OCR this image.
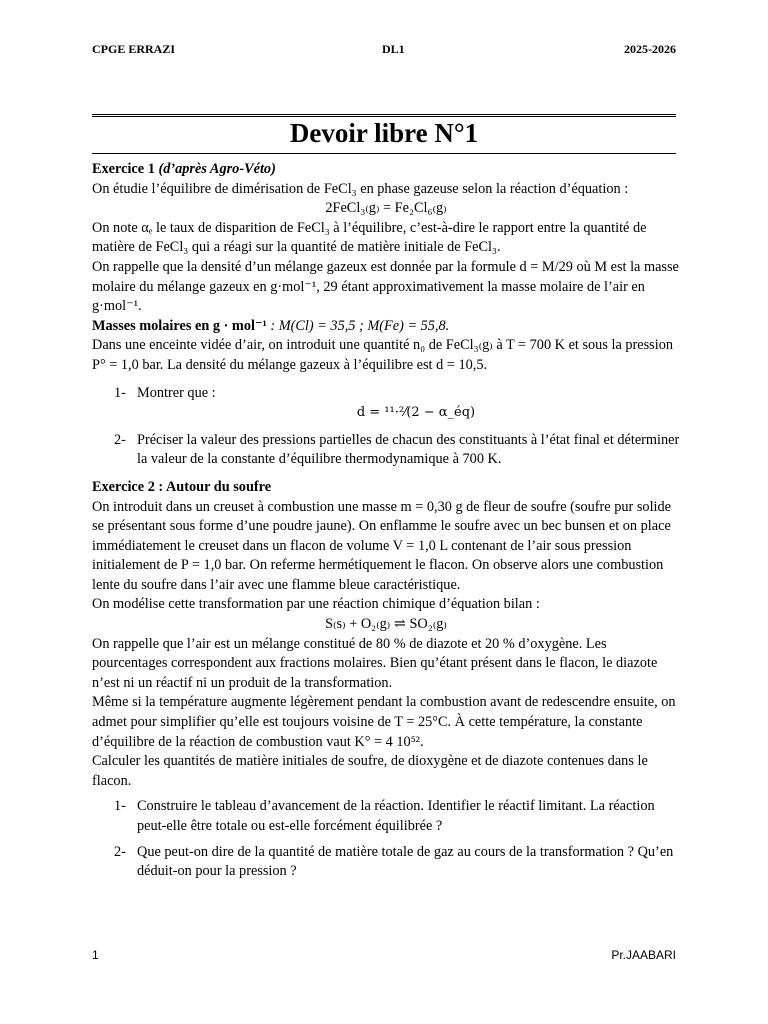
CPGE ERRAZI	DL1	2025-2026
Devoir libre N°1

Exercice 1 (d’après Agro-Véto)

On étudie l’équilibre de dimérisation de FeCl₃ en phase gazeuse selon la réaction d’équation :

2FeCl₃₍g₎ = Fe₂Cl₆₍g₎

On note αₑ le taux de disparition de FeCl₃ à l’équilibre, c’est-à-dire le rapport entre la quantité de matière de FeCl₃ qui a réagi sur la quantité de matière initiale de FeCl₃.

On rappelle que la densité d’un mélange gazeux est donnée par la formule d = M/29 où M est la masse molaire du mélange gazeux en g·mol⁻¹, 29 étant approximativement la masse molaire de l’air en g·mol⁻¹.

Masses molaires en g · mol⁻¹ : M(Cl) = 35,5 ; M(Fe) = 55,8.

Dans une enceinte vidée d’air, on introduit une quantité n₀ de FeCl₃₍g₎ à T = 700 K et sous la pression P° = 1,0 bar. La densité du mélange gazeux à l’équilibre est d = 10,5.

1- Montrer que :

d = ¹¹·²⁄(2 − α_éq)

2- Préciser la valeur des pressions partielles de chacun des constituants à l’état final et déterminer la valeur de la constante d’équilibre thermodynamique à 700 K.

Exercice 2 : Autour du soufre

On introduit dans un creuset à combustion une masse m = 0,30 g de fleur de soufre (soufre pur solide se présentant sous forme d’une poudre jaune). On enflamme le soufre avec un bec bunsen et on place immédiatement le creuset dans un flacon de volume V = 1,0 L contenant de l’air sous pression initialement de P = 1,0 bar. On referme hermétiquement le flacon. On observe alors une combustion lente du soufre dans l’air avec une flamme bleue caractéristique.

On modélise cette transformation par une réaction chimique d’équation bilan :

S₍s₎ + O₂₍g₎ ⇌ SO₂₍g₎

On rappelle que l’air est un mélange constitué de 80 % de diazote et 20 % d’oxygène. Les pourcentages correspondent aux fractions molaires. Bien qu’étant présent dans le flacon, le diazote n’est ni un réactif ni un produit de la transformation.

Même si la température augmente légèrement pendant la combustion avant de redescendre ensuite, on admet pour simplifier qu’elle est toujours voisine de T = 25°C. À cette température, la constante d’équilibre de la réaction de combustion vaut K° = 4 10⁵².

Calculer les quantités de matière initiales de soufre, de dioxygène et de diazote contenues dans le flacon.

1- Construire le tableau d’avancement de la réaction. Identifier le réactif limitant. La réaction peut-elle être totale ou est-elle forcément équilibrée ?
2- Que peut-on dire de la quantité de matière totale de gaz au cours de la transformation ? Qu’en déduit-on pour la pression ?
1	Pr.JAABARI
